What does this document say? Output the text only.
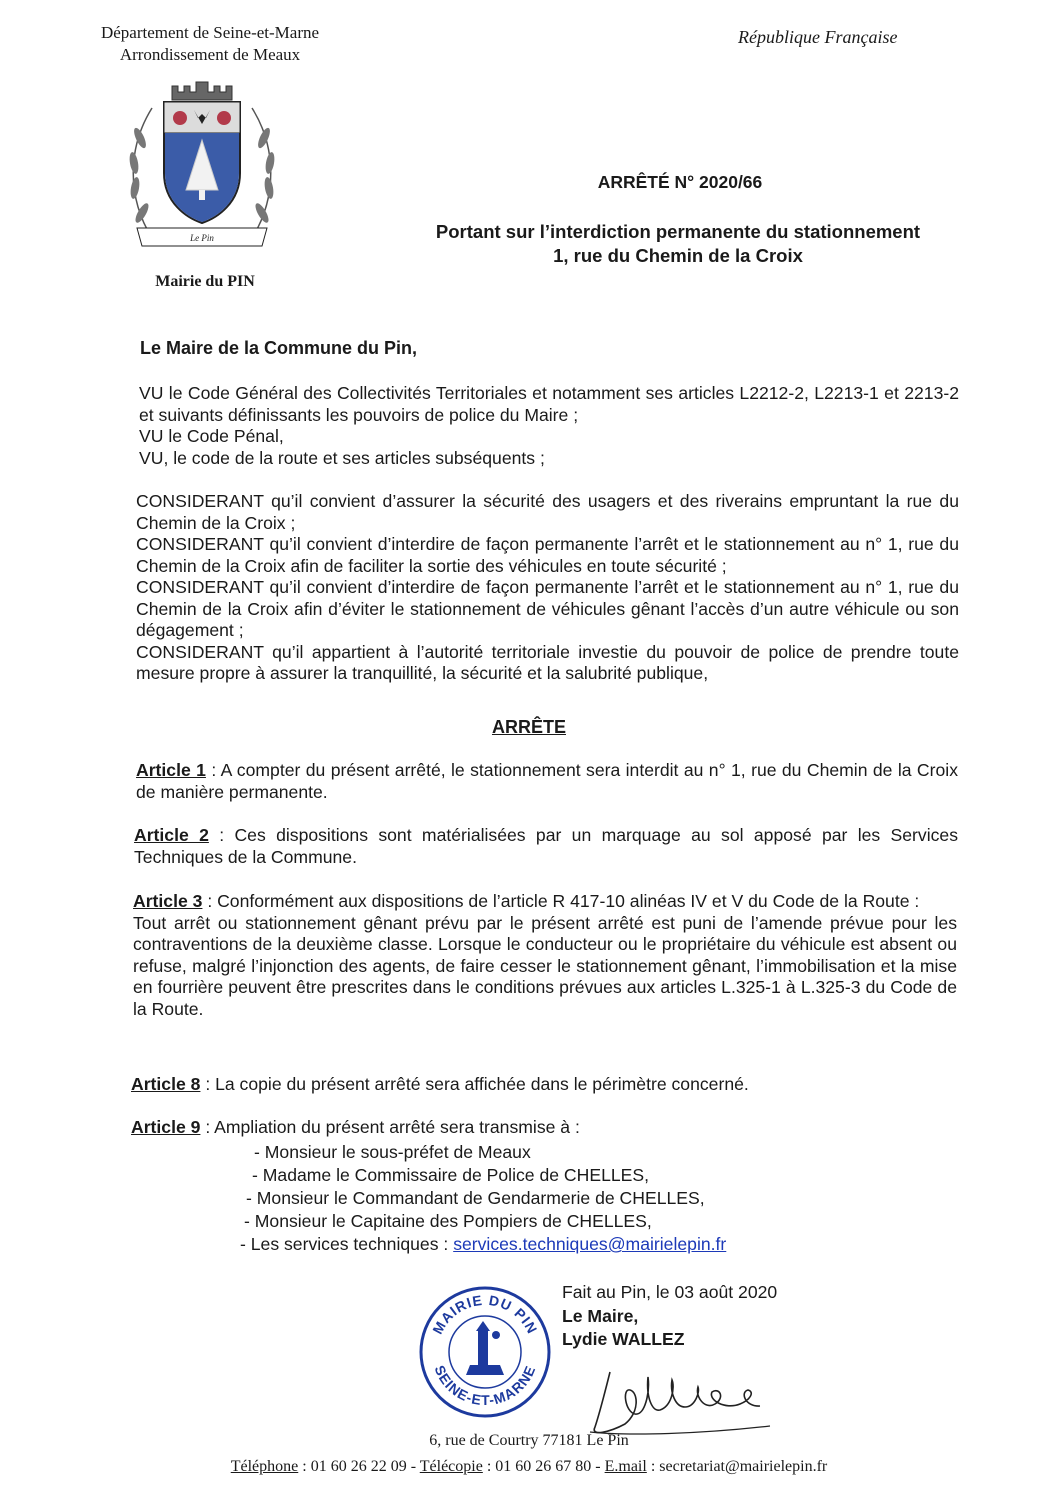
Département de Seine-et-Marne
Arrondissement de Meaux
République Française
Le Pin
Mairie du PIN
ARRÊTÉ N° 2020/66
Portant sur l’interdiction permanente du stationnement
1, rue du Chemin de la Croix
Le Maire de la Commune du Pin,
VU le Code Général des Collectivités Territoriales et notamment ses articles L2212-2, L2213-1 et 2213-2 et suivants définissants les pouvoirs de police du Maire ;
VU le Code Pénal,
VU, le code de la route et ses articles subséquents ;
CONSIDERANT qu’il convient d’assurer la sécurité des usagers et des riverains empruntant la rue du Chemin de la Croix ;
CONSIDERANT qu’il convient d’interdire de façon permanente l’arrêt et le stationnement au n° 1, rue du Chemin de la Croix afin de faciliter la sortie des véhicules en toute sécurité ;
CONSIDERANT qu’il convient d’interdire de façon permanente l’arrêt et le stationnement au n° 1, rue du Chemin de la Croix afin d’éviter le stationnement de véhicules gênant l’accès d’un autre véhicule ou son dégagement ;
CONSIDERANT qu’il appartient à l’autorité territoriale investie du pouvoir de police de prendre toute mesure propre à assurer la tranquillité, la sécurité et la salubrité publique,
ARRÊTE
Article 1 : A compter du présent arrêté, le stationnement sera interdit au n° 1, rue du Chemin de la Croix de manière permanente.
Article 2 : Ces dispositions sont matérialisées par un marquage au sol apposé par les Services Techniques de la Commune.
Article 3 : Conformément aux dispositions de l’article R 417-10 alinéas IV et V du Code de la Route :
Tout arrêt ou stationnement gênant prévu par le présent arrêté est puni de l’amende prévue pour les contraventions de la deuxième classe. Lorsque le conducteur ou le propriétaire du véhicule est absent ou refuse, malgré l’injonction des agents, de faire cesser le stationnement gênant, l’immobilisation et la mise en fourrière peuvent être prescrites dans le conditions prévues aux articles L.325-1 à L.325-3 du Code de la Route.
Article 8 : La copie du présent arrêté sera affichée dans le périmètre concerné.
Article 9 : Ampliation du présent arrêté sera transmise à :
- Monsieur le sous-préfet de Meaux
- Madame le Commissaire de Police de CHELLES,
- Monsieur le Commandant de Gendarmerie de CHELLES,
- Monsieur le Capitaine des Pompiers de CHELLES,
- Les services techniques : services.techniques@mairielepin.fr
Fait au Pin, le 03 août 2020
Le Maire,
Lydie WALLEZ
MAIRIE DU PIN
SEINE-ET-MARNE
6, rue de Courtry 77181 Le Pin
Téléphone : 01 60 26 22 09 - Télécopie : 01 60 26 67 80 - E.mail : secretariat@mairielepin.fr
